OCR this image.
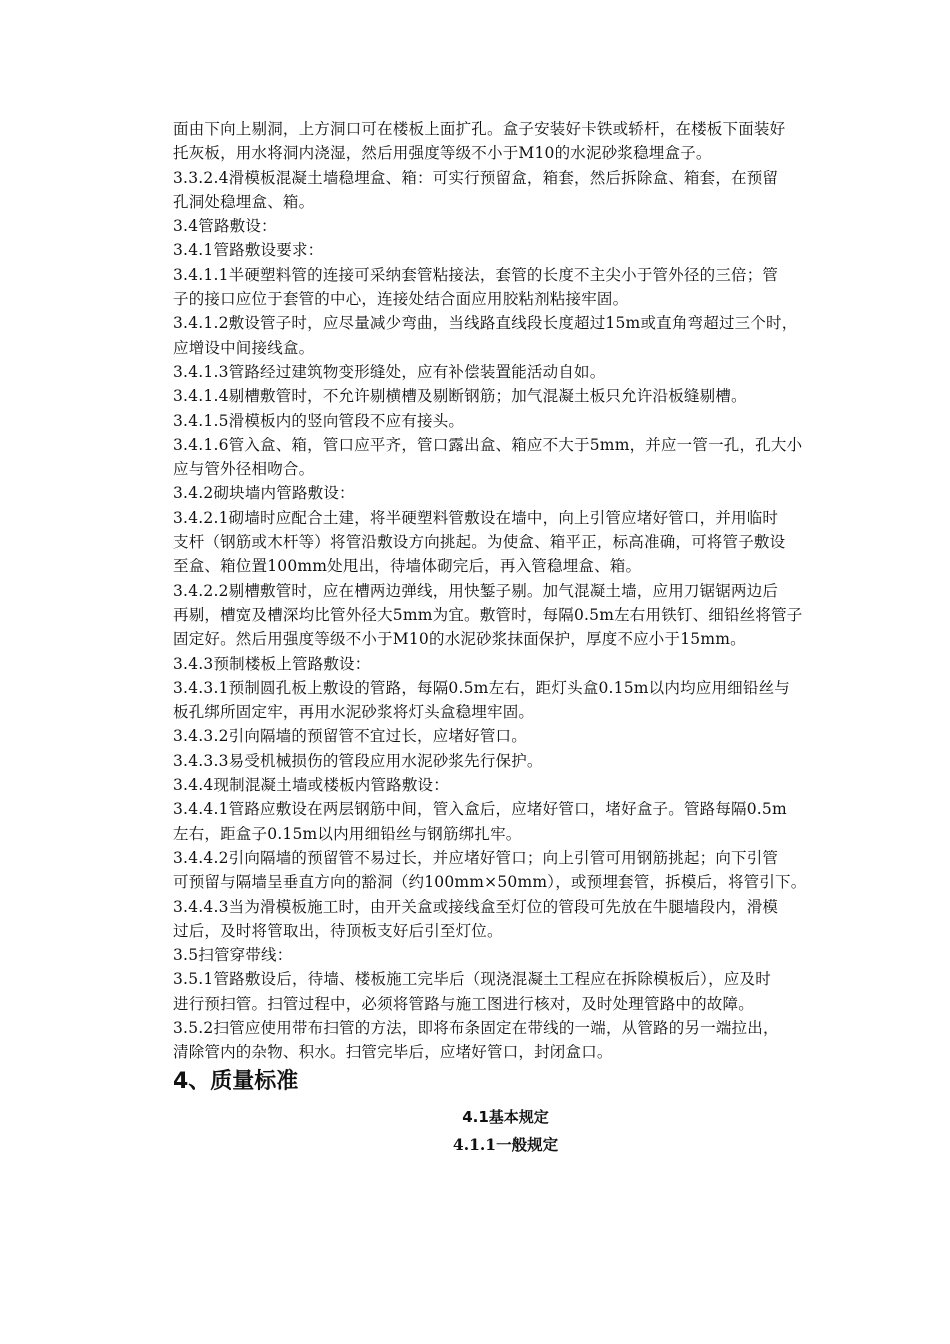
面由下向上剔洞，上方洞口可在楼板上面扩孔。盒子安装好卡铁或轿杆，在楼板下面装好

托灰板，用水将洞内浇湿，然后用强度等级不小于M10的水泥砂浆稳埋盒子。

3.3.2.4滑模板混凝土墙稳埋盒、箱：可实行预留盒，箱套，然后拆除盒、箱套，在预留

孔洞处稳埋盒、箱。

3.4管路敷设：

3.4.1管路敷设要求：

3.4.1.1半硬塑料管的连接可采纳套管粘接法，套管的长度不主尖小于管外径的三倍；管

子的接口应位于套管的中心，连接处结合面应用胶粘剂粘接牢固。

3.4.1.2敷设管子时，应尽量减少弯曲，当线路直线段长度超过15m或直角弯超过三个时，

应增设中间接线盒。

3.4.1.3管路经过建筑物变形缝处，应有补偿装置能活动自如。

3.4.1.4剔槽敷管时，不允许剔横槽及剔断钢筋；加气混凝土板只允许沿板缝剔槽。

3.4.1.5滑模板内的竖向管段不应有接头。

3.4.1.6管入盒、箱，管口应平齐，管口露出盒、箱应不大于5mm，并应一管一孔，孔大小

应与管外径相吻合。

3.4.2砌块墙内管路敷设：

3.4.2.1砌墙时应配合土建，将半硬塑料管敷设在墙中，向上引管应堵好管口，并用临时

支杆（钢筋或木杆等）将管沿敷设方向挑起。为使盒、箱平正，标高准确，可将管子敷设

至盒、箱位置100mm处甩出，待墙体砌完后，再入管稳埋盒、箱。

3.4.2.2剔槽敷管时，应在槽两边弹线，用快錾子剔。加气混凝土墙，应用刀锯锯两边后

再剔，槽宽及槽深均比管外径大5mm为宜。敷管时，每隔0.5m左右用铁钉、细铅丝将管子

固定好。然后用强度等级不小于M10的水泥砂浆抹面保护，厚度不应小于15mm。

3.4.3预制楼板上管路敷设：

3.4.3.1预制圆孔板上敷设的管路，每隔0.5m左右，距灯头盒0.15m以内均应用细铅丝与

板孔绑所固定牢，再用水泥砂浆将灯头盒稳埋牢固。

3.4.3.2引向隔墙的预留管不宜过长，应堵好管口。

3.4.3.3易受机械损伤的管段应用水泥砂浆先行保护。

3.4.4现制混凝土墙或楼板内管路敷设：

3.4.4.1管路应敷设在两层钢筋中间，管入盒后，应堵好管口，堵好盒子。管路每隔0.5m

左右，距盒子0.15m以内用细铅丝与钢筋绑扎牢。

3.4.4.2引向隔墙的预留管不易过长，并应堵好管口；向上引管可用钢筋挑起；向下引管

可预留与隔墙呈垂直方向的豁洞（约100mm×50mm），或预埋套管，拆模后，将管引下。

3.4.4.3当为滑模板施工时，由开关盒或接线盒至灯位的管段可先放在牛腿墙段内，滑模

过后，及时将管取出，待顶板支好后引至灯位。

3.5扫管穿带线：

3.5.1管路敷设后，待墙、楼板施工完毕后（现浇混凝土工程应在拆除模板后），应及时

进行预扫管。扫管过程中，必须将管路与施工图进行核对，及时处理管路中的故障。

3.5.2扫管应使用带布扫管的方法，即将布条固定在带线的一端，从管路的另一端拉出，

清除管内的杂物、积水。扫管完毕后，应堵好管口，封闭盒口。

4、质量标准
4.1基本规定
4.1.1一般规定
